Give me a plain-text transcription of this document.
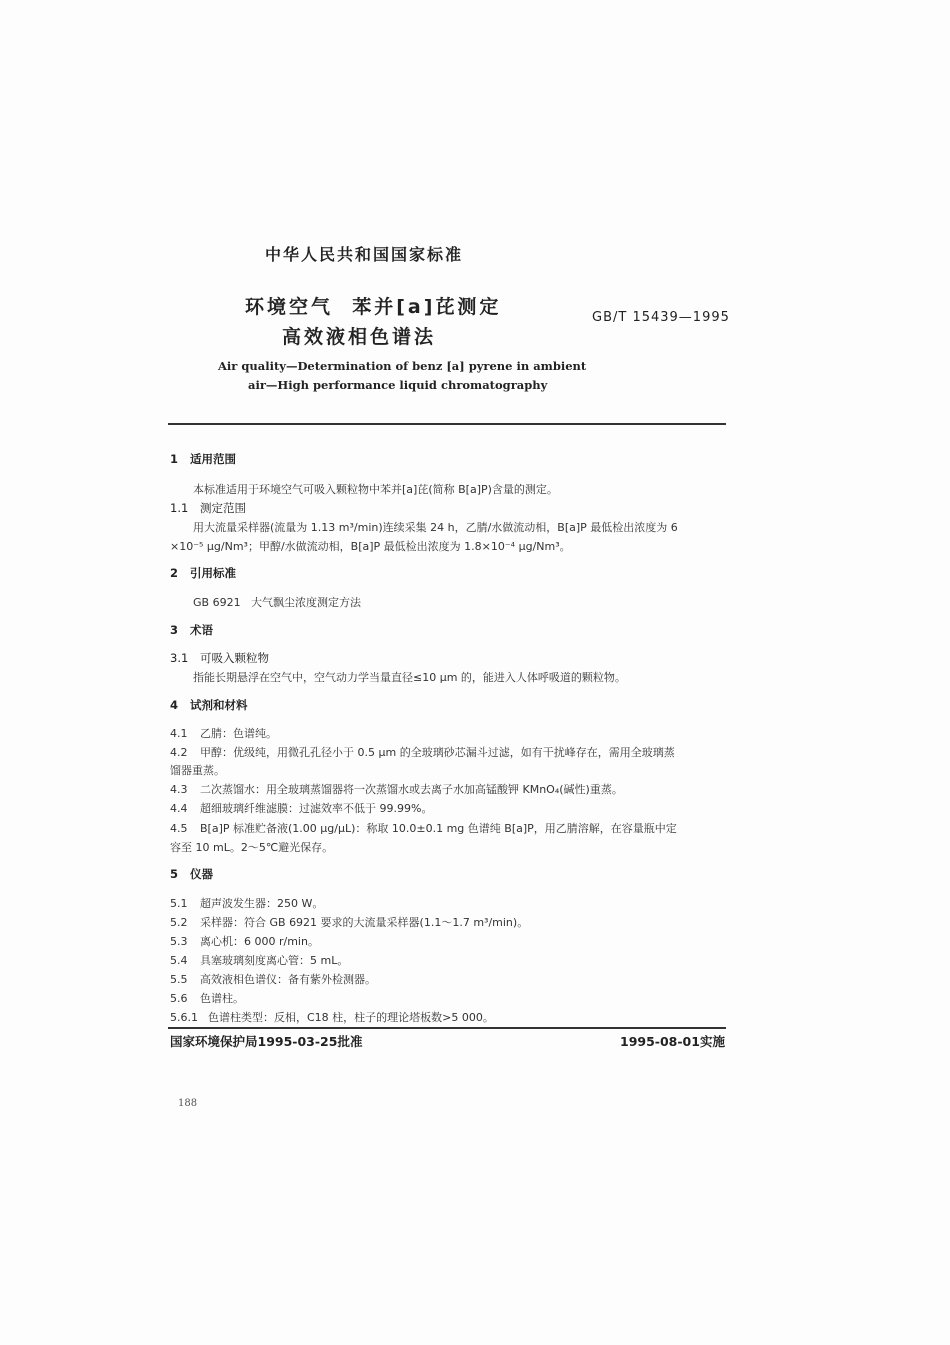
中华人民共和国国家标准
环境空气  苯并[a]芘测定
高效液相色谱法
GB/T 15439—1995
Air quality—Determination of benz [a] pyrene in ambient
air—High performance liquid chromatography
1 适用范围
本标准适用于环境空气可吸入颗粒物中苯并[a]芘(简称 B[a]P)含量的测定。
1.1 测定范围
用大流量采样器(流量为 1.13 m³/min)连续采集 24 h，乙腈/水做流动相，B[a]P 最低检出浓度为 6
×10⁻⁵ μg/Nm³；甲醇/水做流动相，B[a]P 最低检出浓度为 1.8×10⁻⁴ μg/Nm³。
2 引用标准
GB 6921   大气飘尘浓度测定方法
3 术语
3.1 可吸入颗粒物
指能长期悬浮在空气中，空气动力学当量直径≤10 μm 的，能进入人体呼吸道的颗粒物。
4 试剂和材料
4.1 乙腈：色谱纯。
4.2 甲醇：优级纯，用微孔孔径小于 0.5 μm 的全玻璃砂芯漏斗过滤，如有干扰峰存在，需用全玻璃蒸
馏器重蒸。
4.3 二次蒸馏水：用全玻璃蒸馏器将一次蒸馏水或去离子水加高锰酸钾 KMnO₄(碱性)重蒸。
4.4 超细玻璃纤维滤膜：过滤效率不低于 99.99%。
4.5 B[a]P 标准贮备液(1.00 μg/μL)：称取 10.0±0.1 mg 色谱纯 B[a]P，用乙腈溶解，在容量瓶中定
容至 10 mL。2～5℃避光保存。
5 仪器
5.1 超声波发生器：250 W。
5.2 采样器：符合 GB 6921 要求的大流量采样器(1.1～1.7 m³/min)。
5.3 离心机：6 000 r/min。
5.4 具塞玻璃刻度离心管：5 mL。
5.5 高效液相色谱仪：备有紫外检测器。
5.6 色谱柱。
5.6.1 色谱柱类型：反相，C18 柱，柱子的理论塔板数>5 000。
国家环境保护局1995-03-25批准	1995-08-01实施
188
